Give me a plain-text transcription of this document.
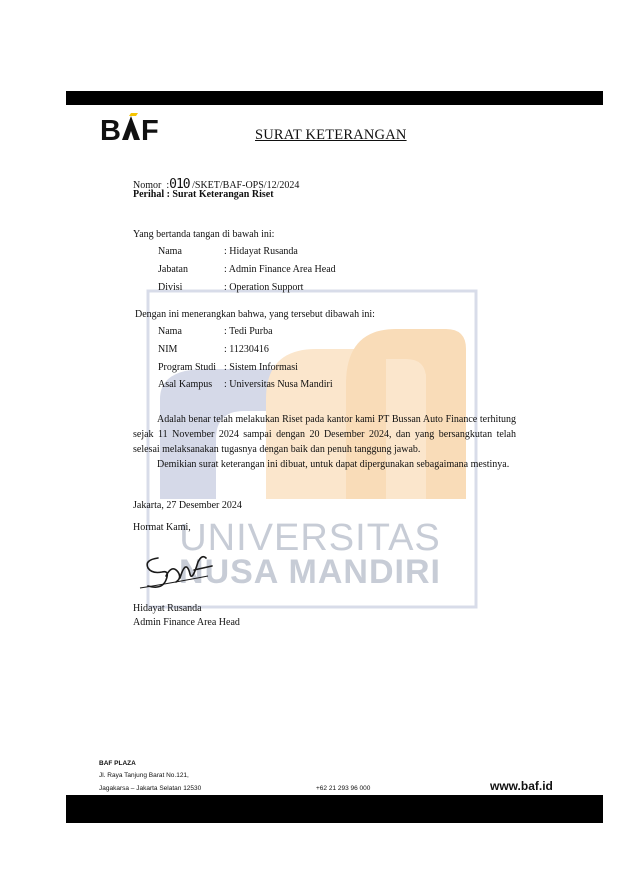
UNIVERSITAS
NUSA MANDIRI
B F	SURAT KETERANGAN
Nomor  :010 /SKET/BAF-OPS/12/2024
Perihal : Surat Keterangan Riset
Yang bertanda tangan di bawah ini:
Nama	: Hidayat Rusanda
Jabatan	: Admin Finance Area Head
Divisi	: Operation Support
Dengan ini menerangkan bahwa, yang tersebut dibawah ini:
Nama	: Tedi Purba
NIM	: 11230416
Program Studi : Sistem Informasi
Asal Kampus : Universitas Nusa Mandiri

Adalah benar telah melakukan Riset pada kantor kami PT Bussan Auto Finance terhitung sejak 11 November 2024 sampai dengan 20 Desember 2024, dan yang bersangkutan telah selesai melaksanakan tugasnya dengan baik dan penuh tanggung jawab.

Demikian surat keterangan ini dibuat, untuk dapat dipergunakan sebagaimana mestinya.

Jakarta, 27 Desember 2024
Hormat Kami,
Hidayat Rusanda
Admin Finance Area Head
BAF PLAZA
Jl. Raya Tanjung Barat No.121,
Jagakarsa – Jakarta Selatan 12530	+62 21 293 96 000	www.baf.id
